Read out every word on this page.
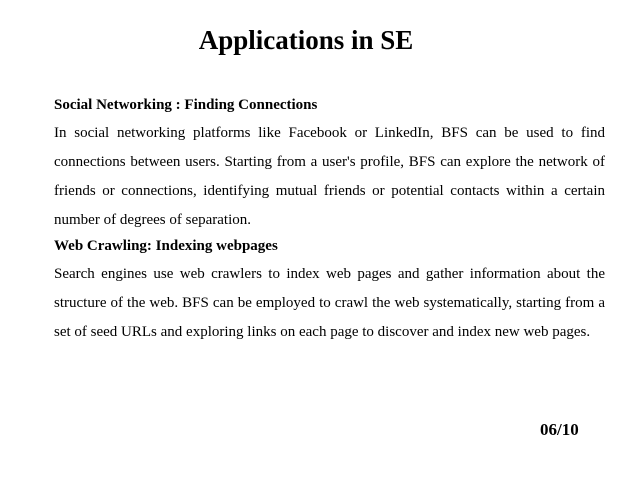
Applications in SE

Social Networking : Finding Connections

In social networking platforms like Facebook or LinkedIn, BFS can be used to find connections between users. Starting from a user's profile, BFS can explore the network of friends or connections, identifying mutual friends or potential contacts within a certain number of degrees of separation.

Web Crawling: Indexing webpages

Search engines use web crawlers to index web pages and gather information about the structure of the web. BFS can be employed to crawl the web systematically, starting from a set of seed URLs and exploring links on each page to discover and index new web pages.

06/10
